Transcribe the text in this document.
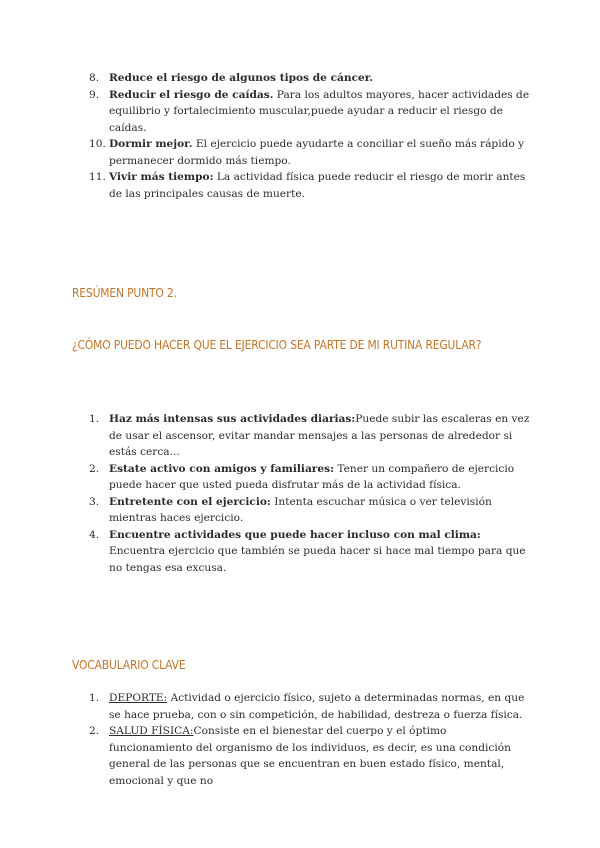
8. Reduce el riesgo de algunos tipos de cáncer.
9. Reducir el riesgo de caídas. Para los adultos mayores, hacer actividades de equilibrio y fortalecimiento muscular,puede ayudar a reducir el riesgo de caídas.
10. Dormir mejor. El ejercicio puede ayudarte a conciliar el sueño más rápido y permanecer dormido más tiempo.
11. Vivir más tiempo: La actividad física puede reducir el riesgo de morir antes de las principales causas de muerte.
RESÚMEN PUNTO 2.
¿CÓMO PUEDO HACER QUE EL EJERCICIO SEA PARTE DE MI RUTINA REGULAR?
1. Haz más intensas sus actividades diarias:Puede subir las escaleras en vez de usar el ascensor, evitar mandar mensajes a las personas de alrededor si estás cerca...
2. Estate activo con amigos y familiares: Tener un compañero de ejercicio puede hacer que usted pueda disfrutar más de la actividad física.
3. Entretente con el ejercicio: Intenta escuchar música o ver televisión mientras haces ejercicio.
4. Encuentre actividades que puede hacer incluso con mal clima: Encuentra ejercicio que también se pueda hacer si hace mal tiempo para que no tengas esa excusa.
VOCABULARIO CLAVE
1. DEPORTE: Actividad o ejercicio físico, sujeto a determinadas normas, en que se hace prueba, con o sin competición, de habilidad, destreza o fuerza física.
2. SALUD FÍSICA:Consiste en el bienestar del cuerpo y el óptimo funcionamiento del organismo de los individuos, es decir, es una condición general de las personas que se encuentran en buen estado físico, mental, emocional y que no
